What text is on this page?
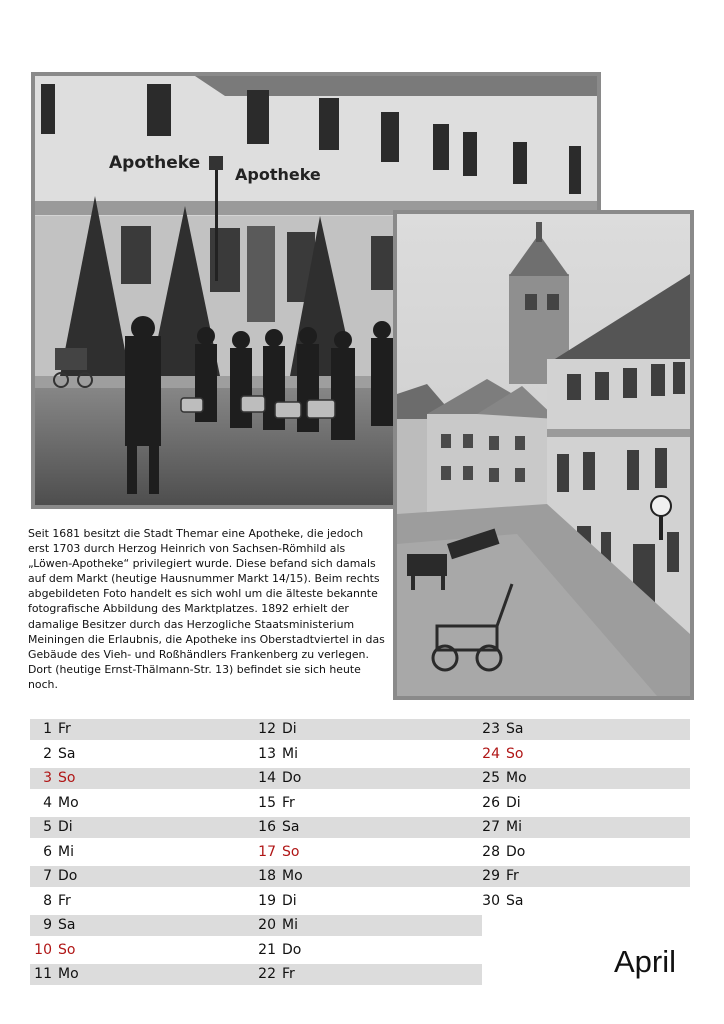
Apotheke
Apotheke

Seit 1681 besitzt die Stadt Themar eine Apotheke, die jedoch erst 1703 durch Herzog Heinrich von Sachsen-Römhild als „Löwen-Apotheke“ privilegiert wurde. Diese befand sich damals auf dem Markt (heutige Hausnummer Markt 14/15). Beim rechts abgebildeten Foto handelt es sich wohl um die älteste bekannte fotografische Abbildung des Marktplatzes. 1892 erhielt der damalige Besitzer durch das Herzogliche Staatsministerium Meiningen die Erlaubnis, die Apotheke ins Oberstadtviertel in das Gebäude des Vieh- und Roßhändlers Frankenberg zu verlegen. Dort (heutige Ernst-Thälmann-Str. 13) befindet sie sich heute noch.

1 Fr
2 Sa
3 So
4 Mo
5 Di
6 Mi
7 Do
8 Fr
9 Sa
10 So
11 Mo
12 Di
13 Mi
14 Do
15 Fr
16 Sa
17 So
18 Mo
19 Di
20 Mi
21 Do
22 Fr
23 Sa
24 So
25 Mo
26 Di
27 Mi
28 Do
29 Fr
30 Sa
April
